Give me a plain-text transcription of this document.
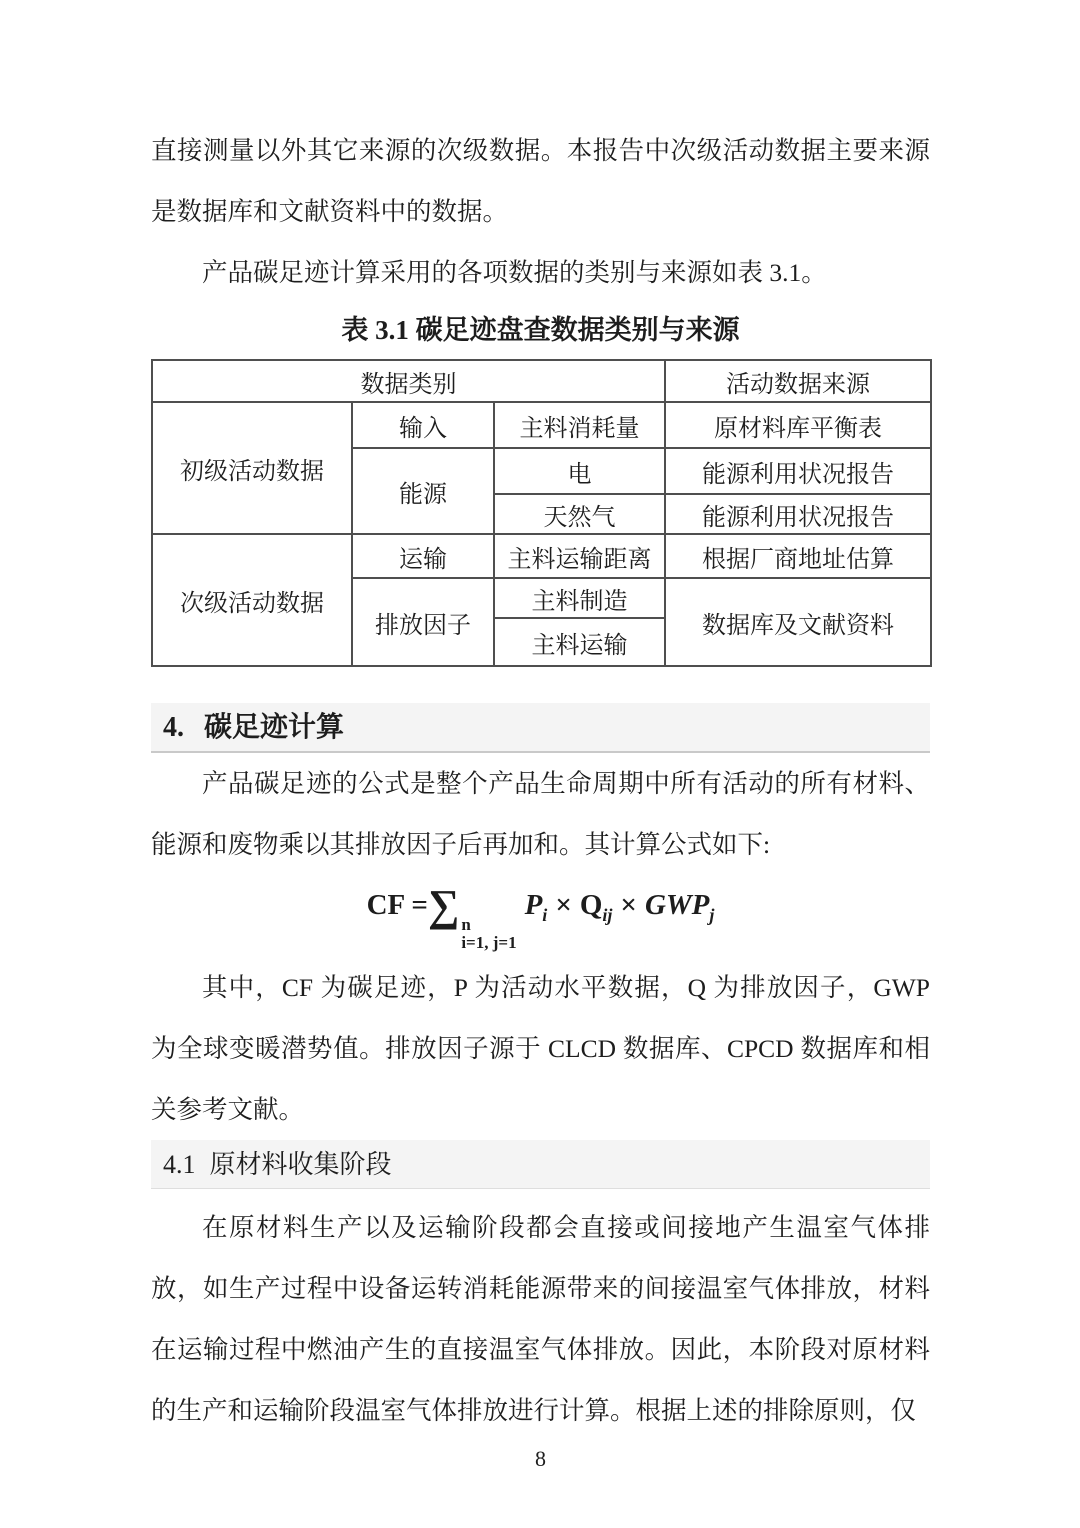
直接测量以外其它来源的次级数据。本报告中次级活动数据主要来源是数据库和文献资料中的数据。

产品碳足迹计算采用的各项数据的类别与来源如表 3.1。

表 3.1 碳足迹盘查数据类别与来源
数据类别			活动数据来源
初级活动数据	输入	主料消耗量	原材料库平衡表
	能源	电	能源利用状况报告
		天然气	能源利用状况报告
次级活动数据	运输	主料运输距离	根据厂商地址估算
	排放因子	主料制造	数据库及文献资料
		主料运输	
4. 碳足迹计算

产品碳足迹的公式是整个产品生命周期中所有活动的所有材料、能源和废物乘以其排放因子后再加和。其计算公式如下:

CF =∑ n
i=1, j=1
$P_i \times Q_{ij} \times GWP_j$

其中，CF 为碳足迹，P 为活动水平数据，Q 为排放因子，GWP 为全球变暖潜势值。排放因子源于 CLCD 数据库、CPCD 数据库和相关参考文献。

4.1 原材料收集阶段

在原材料生产以及运输阶段都会直接或间接地产生温室气体排放，如生产过程中设备运转消耗能源带来的间接温室气体排放，材料在运输过程中燃油产生的直接温室气体排放。因此，本阶段对原材料的生产和运输阶段温室气体排放进行计算。根据上述的排除原则，仅

8
